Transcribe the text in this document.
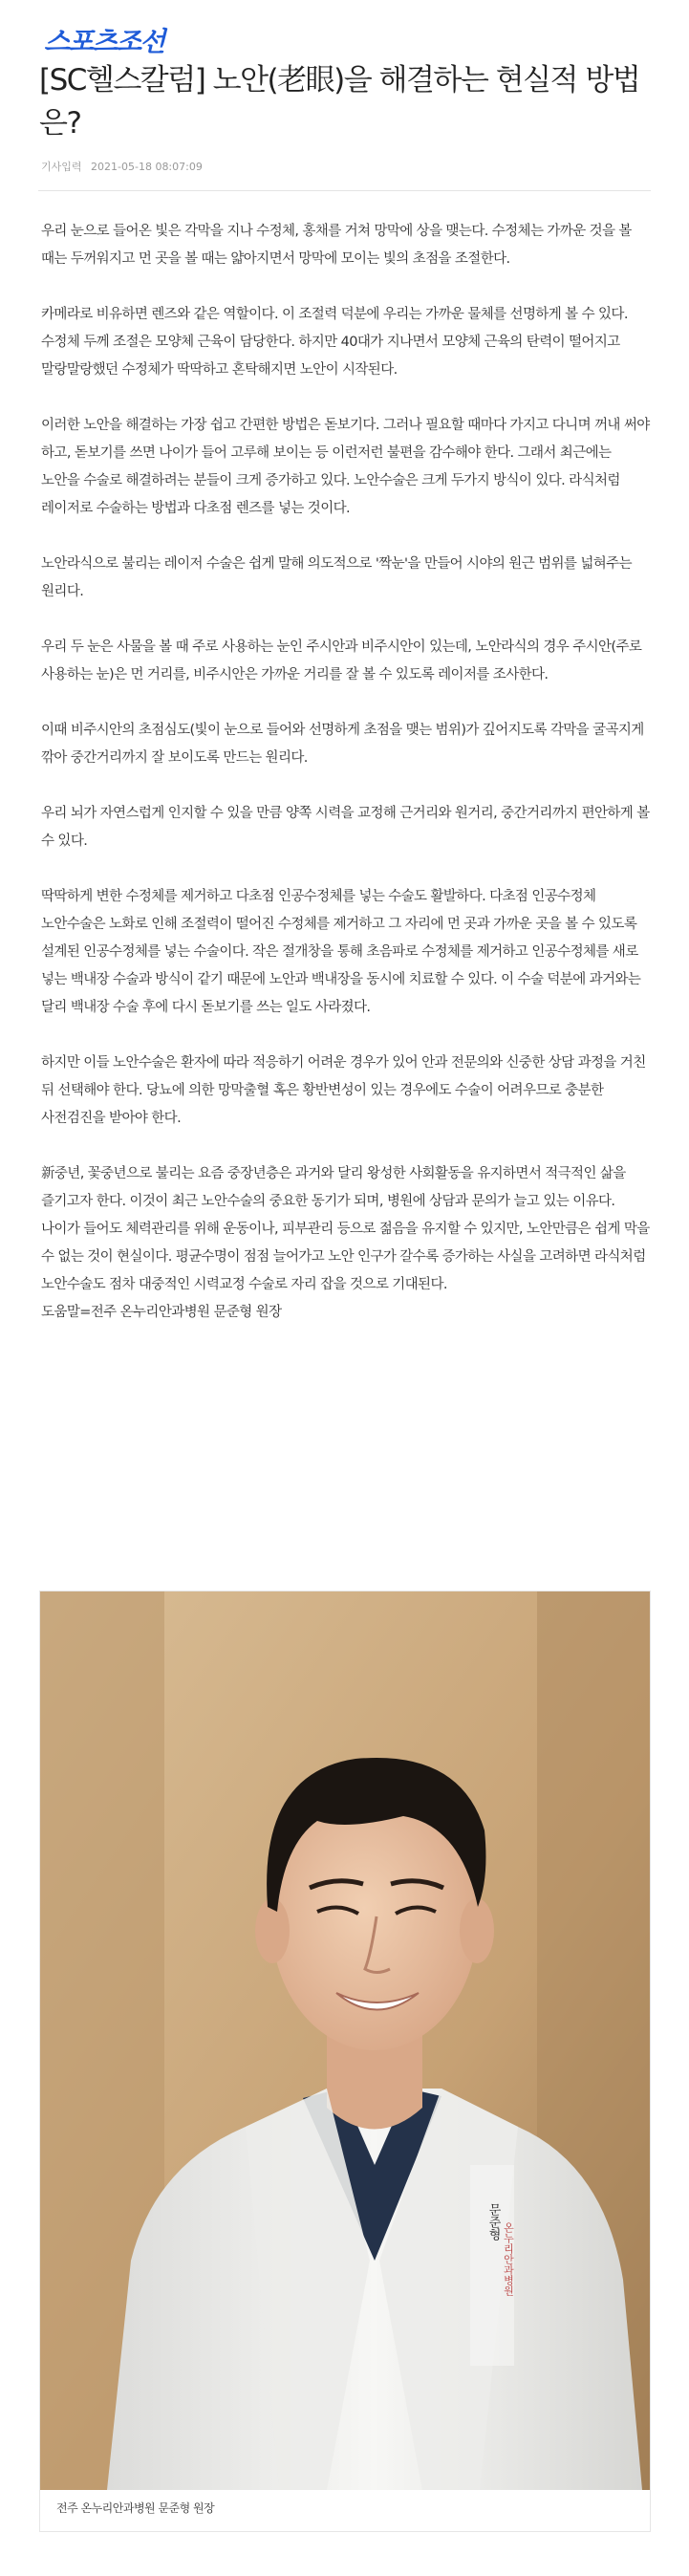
스포츠조선
[SC헬스칼럼] 노안(老眼)을 해결하는 현실적 방법은?
기사입력 2021-05-18 08:07:09

우리 눈으로 들어온 빛은 각막을 지나 수정체, 홍채를 거쳐 망막에 상을 맺는다. 수정체는 가까운 것을 볼 때는 두꺼워지고 먼 곳을 볼 때는 얇아지면서 망막에 모이는 빛의 초점을 조절한다.

카메라로 비유하면 렌즈와 같은 역할이다. 이 조절력 덕분에 우리는 가까운 물체를 선명하게 볼 수 있다. 수정체 두께 조절은 모양체 근육이 담당한다. 하지만 40대가 지나면서 모양체 근육의 탄력이 떨어지고 말랑말랑했던 수정체가 딱딱하고 혼탁해지면 노안이 시작된다.

이러한 노안을 해결하는 가장 쉽고 간편한 방법은 돋보기다. 그러나 필요할 때마다 가지고 다니며 꺼내 써야 하고, 돋보기를 쓰면 나이가 들어 고루해 보이는 등 이런저런 불편을 감수해야 한다. 그래서 최근에는 노안을 수술로 해결하려는 분들이 크게 증가하고 있다. 노안수술은 크게 두가지 방식이 있다. 라식처럼 레이저로 수술하는 방법과 다초점 렌즈를 넣는 것이다.

노안라식으로 불리는 레이저 수술은 쉽게 말해 의도적으로 '짝눈'을 만들어 시야의 원근 범위를 넓혀주는 원리다.

우리 두 눈은 사물을 볼 때 주로 사용하는 눈인 주시안과 비주시안이 있는데, 노안라식의 경우 주시안(주로 사용하는 눈)은 먼 거리를, 비주시안은 가까운 거리를 잘 볼 수 있도록 레이저를 조사한다.

이때 비주시안의 초점심도(빛이 눈으로 들어와 선명하게 초점을 맺는 범위)가 깊어지도록 각막을 굴곡지게 깎아 중간거리까지 잘 보이도록 만드는 원리다.

우리 뇌가 자연스럽게 인지할 수 있을 만큼 양쪽 시력을 교정해 근거리와 원거리, 중간거리까지 편안하게 볼 수 있다.

딱딱하게 변한 수정체를 제거하고 다초점 인공수정체를 넣는 수술도 활발하다. 다초점 인공수정체 노안수술은 노화로 인해 조절력이 떨어진 수정체를 제거하고 그 자리에 먼 곳과 가까운 곳을 볼 수 있도록 설계된 인공수정체를 넣는 수술이다. 작은 절개창을 통해 초음파로 수정체를 제거하고 인공수정체를 새로 넣는 백내장 수술과 방식이 같기 때문에 노안과 백내장을 동시에 치료할 수 있다. 이 수술 덕분에 과거와는 달리 백내장 수술 후에 다시 돋보기를 쓰는 일도 사라졌다.

하지만 이들 노안수술은 환자에 따라 적응하기 어려운 경우가 있어 안과 전문의와 신중한 상담 과정을 거친 뒤 선택해야 한다. 당뇨에 의한 망막출혈 혹은 황반변성이 있는 경우에도 수술이 어려우므로 충분한 사전검진을 받아야 한다.

新중년, 꽃중년으로 불리는 요즘 중장년층은 과거와 달리 왕성한 사회활동을 유지하면서 적극적인 삶을 즐기고자 한다. 이것이 최근 노안수술의 중요한 동기가 되며, 병원에 상담과 문의가 늘고 있는 이유다. 나이가 들어도 체력관리를 위해 운동이나, 피부관리 등으로 젊음을 유지할 수 있지만, 노안만큼은 쉽게 막을 수 없는 것이 현실이다. 평균수명이 점점 늘어가고 노안 인구가 갈수록 증가하는 사실을 고려하면 라식처럼 노안수술도 점차 대중적인 시력교정 수술로 자리 잡을 것으로 기대된다.

도움말=전주 온누리안과병원 문준형 원장

문준형
온누리안과병원
전주 온누리안과병원 문준형 원장
